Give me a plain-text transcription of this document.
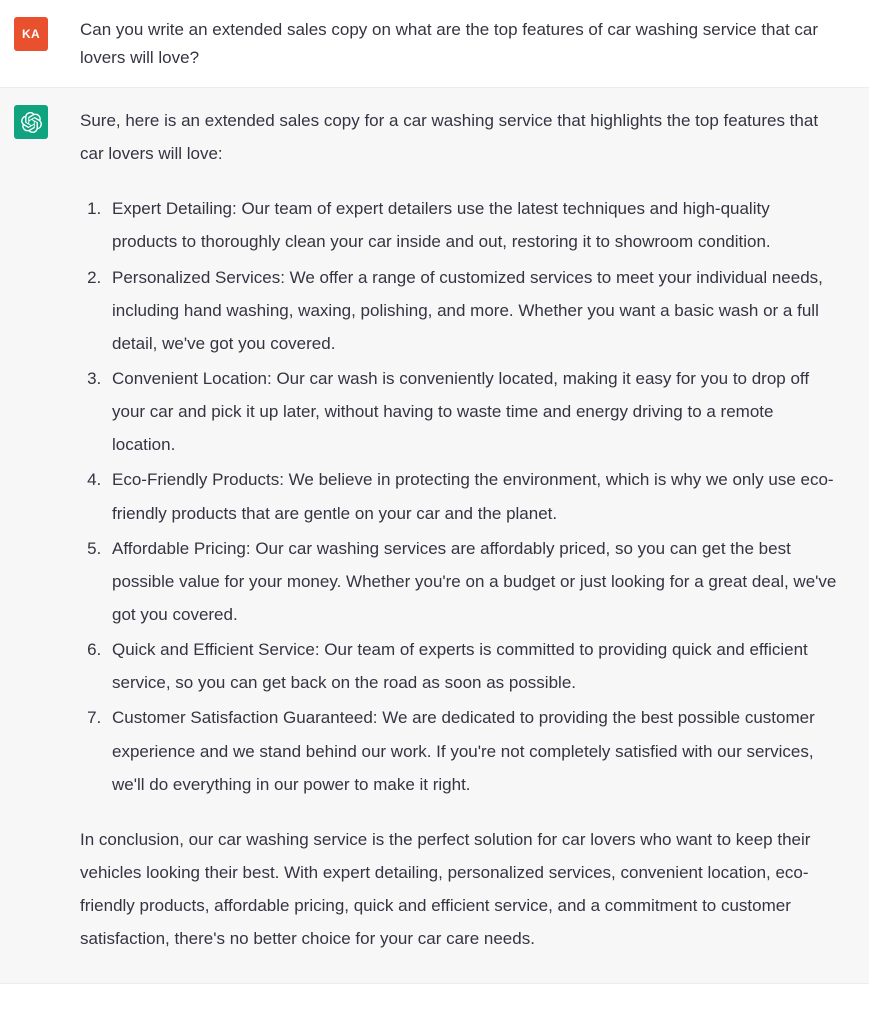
KA	Can you write an extended sales copy on what are the top features of car washing service that car lovers will love?

Sure, here is an extended sales copy for a car washing service that highlights the top features that car lovers will love:

1. Expert Detailing: Our team of expert detailers use the latest techniques and high-quality products to thoroughly clean your car inside and out, restoring it to showroom condition.
2. Personalized Services: We offer a range of customized services to meet your individual needs, including hand washing, waxing, polishing, and more. Whether you want a basic wash or a full detail, we've got you covered.
3. Convenient Location: Our car wash is conveniently located, making it easy for you to drop off your car and pick it up later, without having to waste time and energy driving to a remote location.
4. Eco-Friendly Products: We believe in protecting the environment, which is why we only use eco-friendly products that are gentle on your car and the planet.
5. Affordable Pricing: Our car washing services are affordably priced, so you can get the best possible value for your money. Whether you're on a budget or just looking for a great deal, we've got you covered.
6. Quick and Efficient Service: Our team of experts is committed to providing quick and efficient service, so you can get back on the road as soon as possible.
7. Customer Satisfaction Guaranteed: We are dedicated to providing the best possible customer experience and we stand behind our work. If you're not completely satisfied with our services, we'll do everything in our power to make it right.

In conclusion, our car washing service is the perfect solution for car lovers who want to keep their vehicles looking their best. With expert detailing, personalized services, convenient location, eco-friendly products, affordable pricing, quick and efficient service, and a commitment to customer satisfaction, there's no better choice for your car care needs.
